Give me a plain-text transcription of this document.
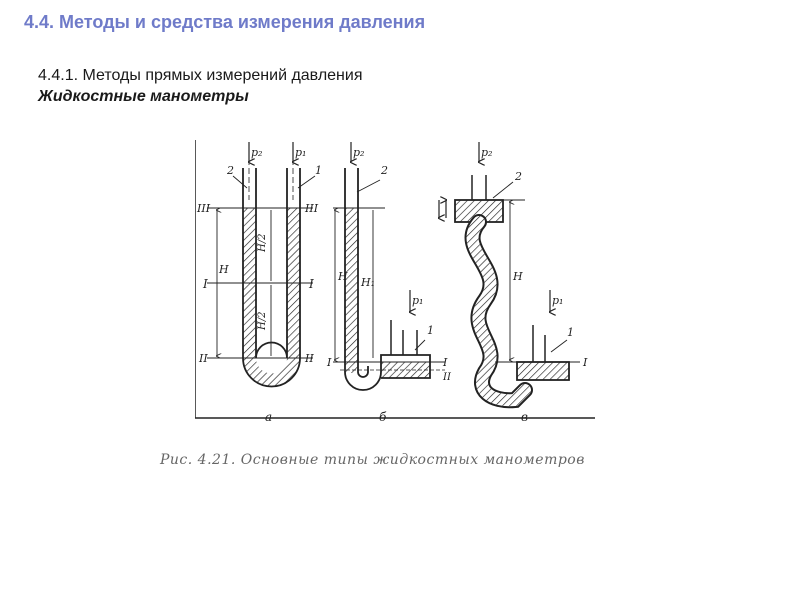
4.4. Методы и средства измерения давления

4.4.1. Методы прямых измерений давления

Жидкостные манометры

p₂	p₁
2	1
III	III
I	I
II	II
H
H/2
H/2
а
p₂
p₁
2
1
H H₁
I
II
I
б
p₂
p₁
2
1
H
I
в

Рис. 4.21. Основные типы жидкостных манометров
